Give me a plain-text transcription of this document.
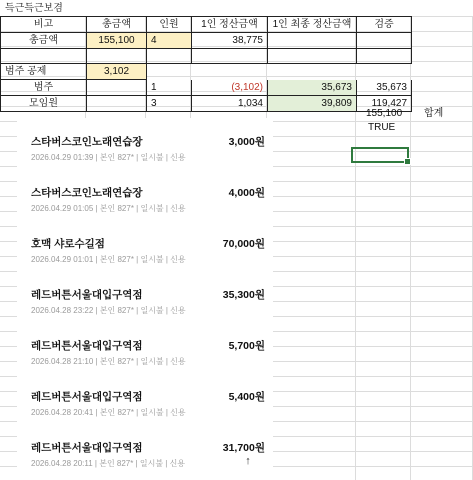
득근득근보겸
비고	총금액	인원	1인 정산금액	1인 최종 정산금액	검증
총금액	155,100	4	38,775		

범주 공제	3,102				
범주		1	(3,102)	35,673	35,673
모임원		3	1,034	39,809	119,427
155,100 합계
TRUE
스타버스코인노래연습장	3,000원
2026.04.29 01:39 | 본인 827* | 일시불 | 신용
스타버스코인노래연습장	4,000원
2026.04.29 01:05 | 본인 827* | 일시불 | 신용
호맥 샤로수길점	70,000원
2026.04.29 01:01 | 본인 827* | 일시불 | 신용
레드버튼서울대입구역점	35,300원
2026.04.28 23:22 | 본인 827* | 일시불 | 신용
레드버튼서울대입구역점	5,700원
2026.04.28 21:10 | 본인 827* | 일시불 | 신용
레드버튼서울대입구역점	5,400원
2026.04.28 20:41 | 본인 827* | 일시불 | 신용
레드버튼서울대입구역점	31,700원
2026.04.28 20:11 | 본인 827* | 일시불 | 신용	↑
